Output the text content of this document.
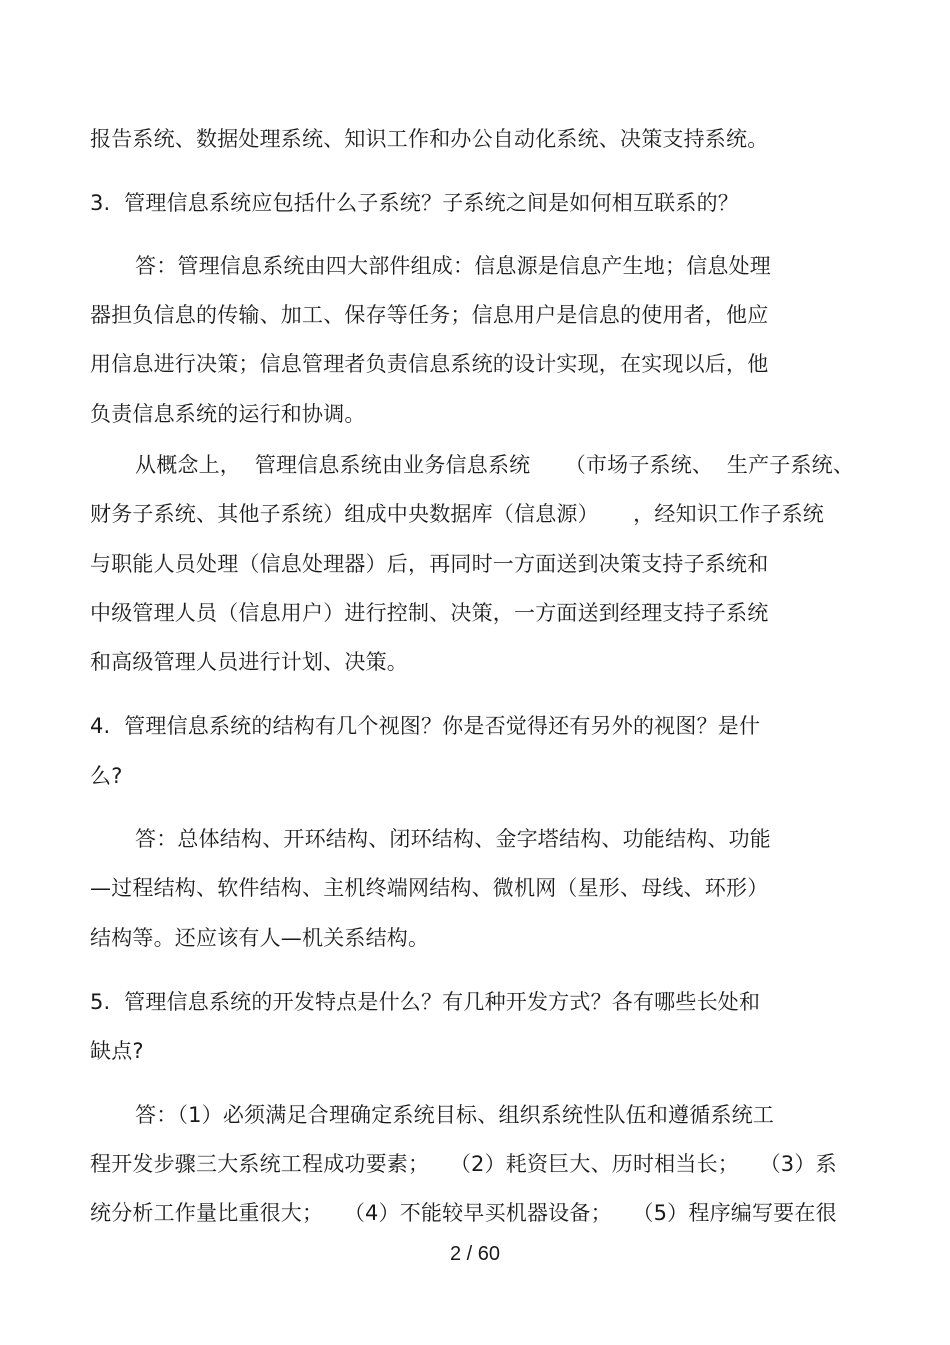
报告系统、数据处理系统、知识工作和办公自动化系统、决策支持系统。
3.  管理信息系统应包括什么子系统？子系统之间是如何相互联系的？
答：管理信息系统由四大部件组成：信息源是信息产生地；信息处理
器担负信息的传输、加工、保存等任务；信息用户是信息的使用者，他应
用信息进行决策；信息管理者负责信息系统的设计实现，在实现以后，他
负责信息系统的运行和协调。
从概念上，  管理信息系统由业务信息系统     （市场子系统、  生产子系统、
财务子系统、其他子系统）组成中央数据库（信息源）     ，经知识工作子系统
与职能人员处理（信息处理器）后，再同时一方面送到决策支持子系统和
中级管理人员（信息用户）进行控制、决策，一方面送到经理支持子系统
和高级管理人员进行计划、决策。
4.  管理信息系统的结构有几个视图？你是否觉得还有另外的视图？是什
么?
答：总体结构、开环结构、闭环结构、金字塔结构、功能结构、功能
—过程结构、软件结构、主机终端网结构、微机网（星形、母线、环形）
结构等。还应该有人—机关系结构。
5.  管理信息系统的开发特点是什么？有几种开发方式？各有哪些长处和
缺点?
答：（1）必须满足合理确定系统目标、组织系统性队伍和遵循系统工
程开发步骤三大系统工程成功要素；   （2）耗资巨大、历时相当长；   （3）系
统分析工作量比重很大；   （4）不能较早买机器设备；   （5）程序编写要在很
2 / 60
